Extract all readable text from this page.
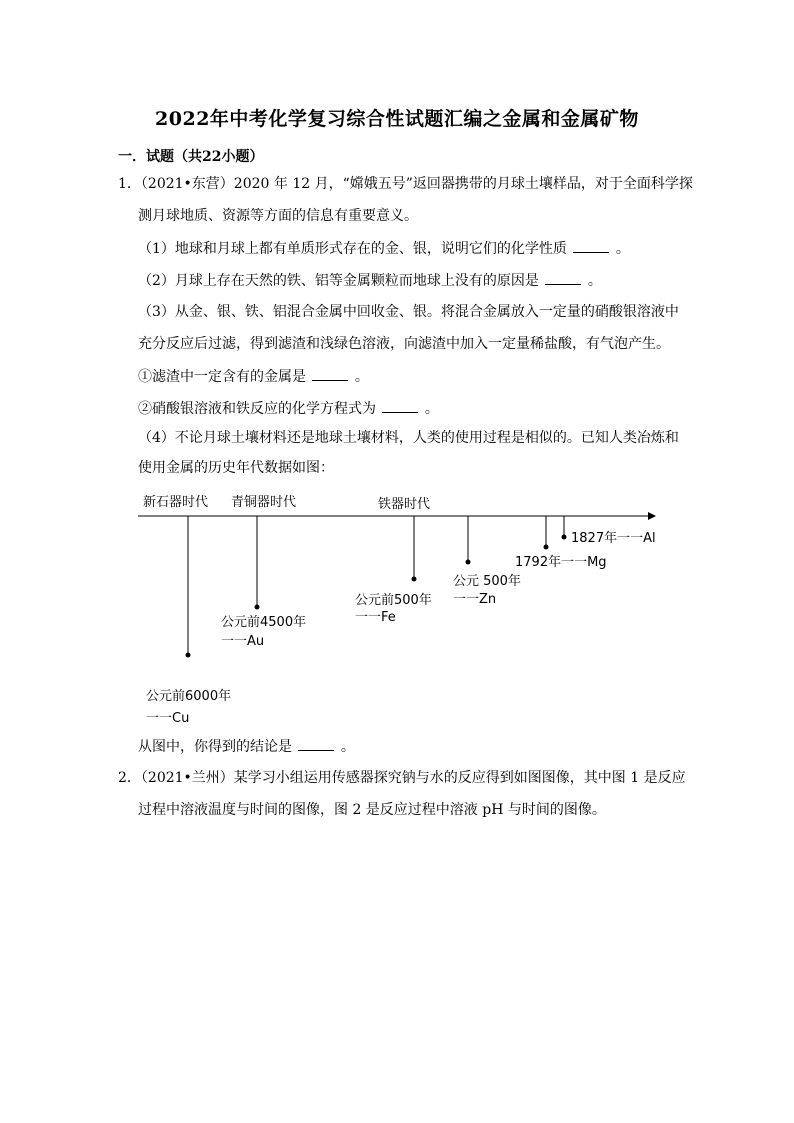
2022年中考化学复习综合性试题汇编之金属和金属矿物
一．试题（共22小题）
1．（2021•东营）2020 年 12 月，“嫦娥五号”返回器携带的月球土壤样品，对于全面科学探
测月球地质、资源等方面的信息有重要意义。
（1）地球和月球上都有单质形式存在的金、银，说明它们的化学性质	。
（2）月球上存在天然的铁、铝等金属颗粒而地球上没有的原因是	。
（3）从金、银、铁、铝混合金属中回收金、银。将混合金属放入一定量的硝酸银溶液中
充分反应后过滤，得到滤渣和浅绿色溶液，向滤渣中加入一定量稀盐酸，有气泡产生。
①滤渣中一定含有的金属是	。
②硝酸银溶液和铁反应的化学方程式为	。
（4）不论月球土壤材料还是地球土壤材料，人类的使用过程是相似的。已知人类冶炼和
使用金属的历史年代数据如图：
新石器时代 青铜器时代	铁器时代
公元前6000年
一一Cu
公元前4500年
一一Au
公元前500年
一一Fe
公元 500年
一一Zn
1792年一一Mg
1827年一一Al
从图中，你得到的结论是	。
2．（2021•兰州）某学习小组运用传感器探究钠与水的反应得到如图图像，其中图 1 是反应
过程中溶液温度与时间的图像，图 2 是反应过程中溶液 pH 与时间的图像。
